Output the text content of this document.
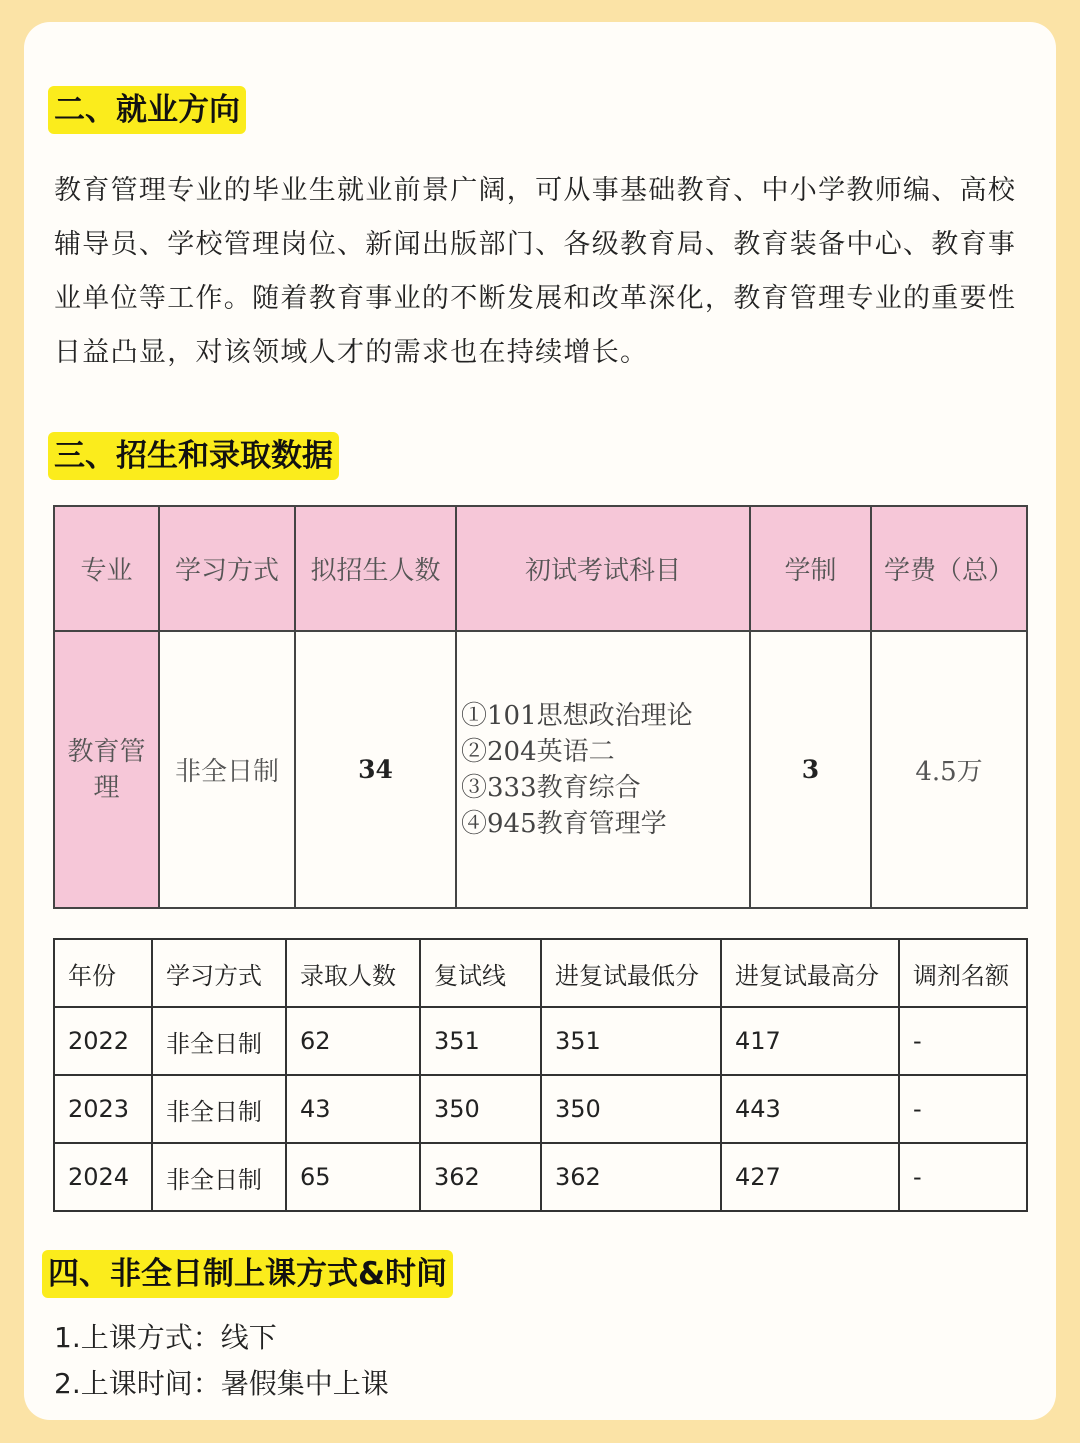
二、就业方向
教育管理专业的毕业生就业前景广阔，可从事基础教育、中小学教师编、高校辅导员、学校管理岗位、新闻出版部门、各级教育局、教育装备中心、教育事业单位等工作。随着教育事业的不断发展和改革深化，教育管理专业的重要性日益凸显，对该领域人才的需求也在持续增长。
三、招生和录取数据
专业	学习方式	拟招生人数	初试考试科目	学制	学费（总）
教育管理	非全日制	34	①101思想政治理论
②204英语二
③333教育综合
④945教育管理学	3	4.5万
年份	学习方式	录取人数	复试线	进复试最低分	进复试最高分	调剂名额
2022	非全日制	62	351	351	417	-
2023	非全日制	43	350	350	443	-
2024	非全日制	65	362	362	427	-
四、非全日制上课方式&时间
1.上课方式：线下
2.上课时间：暑假集中上课
